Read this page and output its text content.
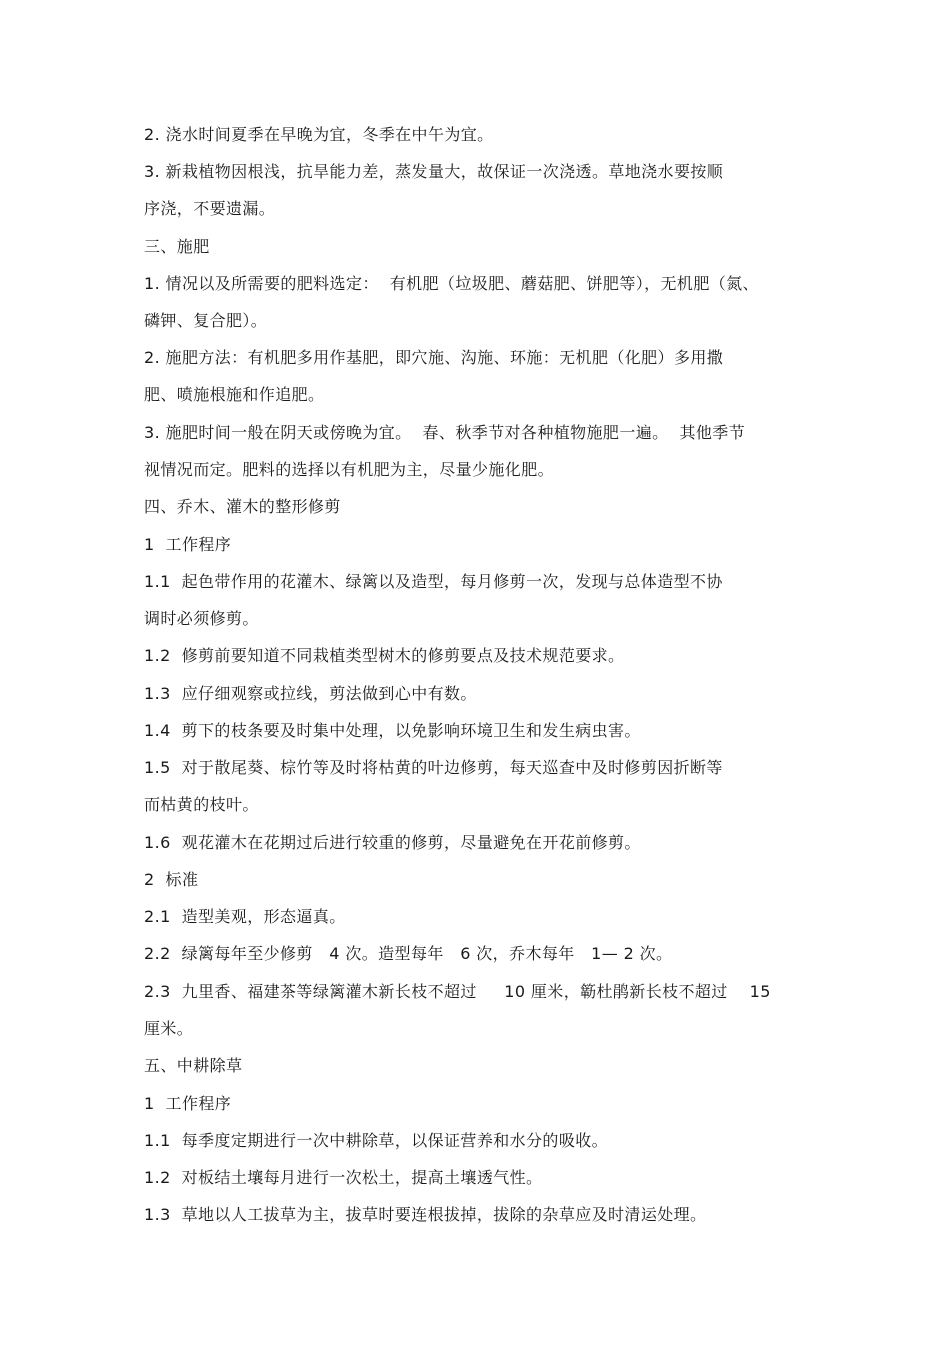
2. 浇水时间夏季在早晚为宜，冬季在中午为宜。
3. 新栽植物因根浅，抗旱能力差，蒸发量大，故保证一次浇透。草地浇水要按顺
序浇，不要遗漏。
三、施肥
1. 情况以及所需要的肥料选定：  有机肥（垃圾肥、蘑菇肥、饼肥等），无机肥（氮、
磷钾、复合肥）。
2. 施肥方法：有机肥多用作基肥，即穴施、沟施、环施：无机肥（化肥）多用撒
肥、喷施根施和作追肥。
3. 施肥时间一般在阴天或傍晚为宜。  春、秋季节对各种植物施肥一遍。  其他季节
视情况而定。肥料的选择以有机肥为主，尽量少施化肥。
四、乔木、灌木的整形修剪
1  工作程序
1.1  起色带作用的花灌木、绿篱以及造型，每月修剪一次，发现与总体造型不协
调时必须修剪。
1.2  修剪前要知道不同栽植类型树木的修剪要点及技术规范要求。
1.3  应仔细观察或拉线，剪法做到心中有数。
1.4  剪下的枝条要及时集中处理，以免影响环境卫生和发生病虫害。
1.5  对于散尾葵、棕竹等及时将枯黄的叶边修剪，每天巡查中及时修剪因折断等
而枯黄的枝叶。
1.6  观花灌木在花期过后进行较重的修剪，尽量避免在开花前修剪。
2  标准
2.1  造型美观，形态逼真。
2.2  绿篱每年至少修剪   4 次。造型每年   6 次，乔木每年   1— 2 次。
2.3  九里香、福建茶等绿篱灌木新长枝不超过     10 厘米，簕杜鹃新长枝不超过    15
厘米。
五、中耕除草
1  工作程序
1.1  每季度定期进行一次中耕除草，以保证营养和水分的吸收。
1.2  对板结土壤每月进行一次松土，提高土壤透气性。
1.3  草地以人工拔草为主，拔草时要连根拔掉，拔除的杂草应及时清运处理。
